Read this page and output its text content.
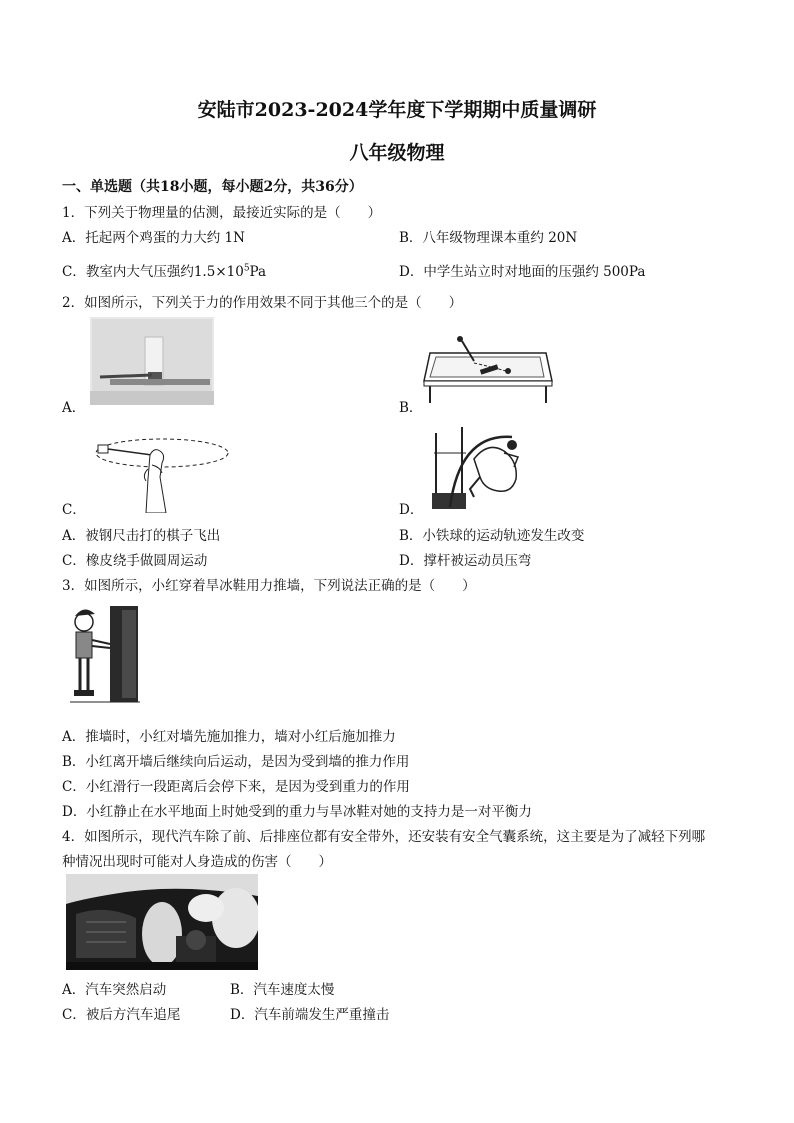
安陆市2023-2024学年度下学期期中质量调研
八年级物理
一、单选题（共18小题，每小题2分，共36分）
1．下列关于物理量的估测，最接近实际的是（　　）
A．托起两个鸡蛋的力大约 1N	B．八年级物理课本重约 20N
C．教室内大气压强约$1.5\times 10^5Pa$	D．中学生站立时对地面的压强约 500Pa
2．如图所示，下列关于力的作用效果不同于其他三个的是（　　）
A．	B．
C．	D．
A．被钢尺击打的棋子飞出	B．小铁球的运动轨迹发生改变
C．橡皮绕手做圆周运动	D．撑杆被运动员压弯
3．如图所示，小红穿着旱冰鞋用力推墙，下列说法正确的是（　　）
A．推墙时，小红对墙先施加推力，墙对小红后施加推力
B．小红离开墙后继续向后运动，是因为受到墙的推力作用
C．小红滑行一段距离后会停下来，是因为受到重力的作用
D．小红静止在水平地面上时她受到的重力与旱冰鞋对她的支持力是一对平衡力
4．如图所示，现代汽车除了前、后排座位都有安全带外，还安装有安全气囊系统，这主要是为了减轻下列哪
种情况出现时可能对人身造成的伤害（　　）
A．汽车突然启动	B．汽车速度太慢
C．被后方汽车追尾	D．汽车前端发生严重撞击
